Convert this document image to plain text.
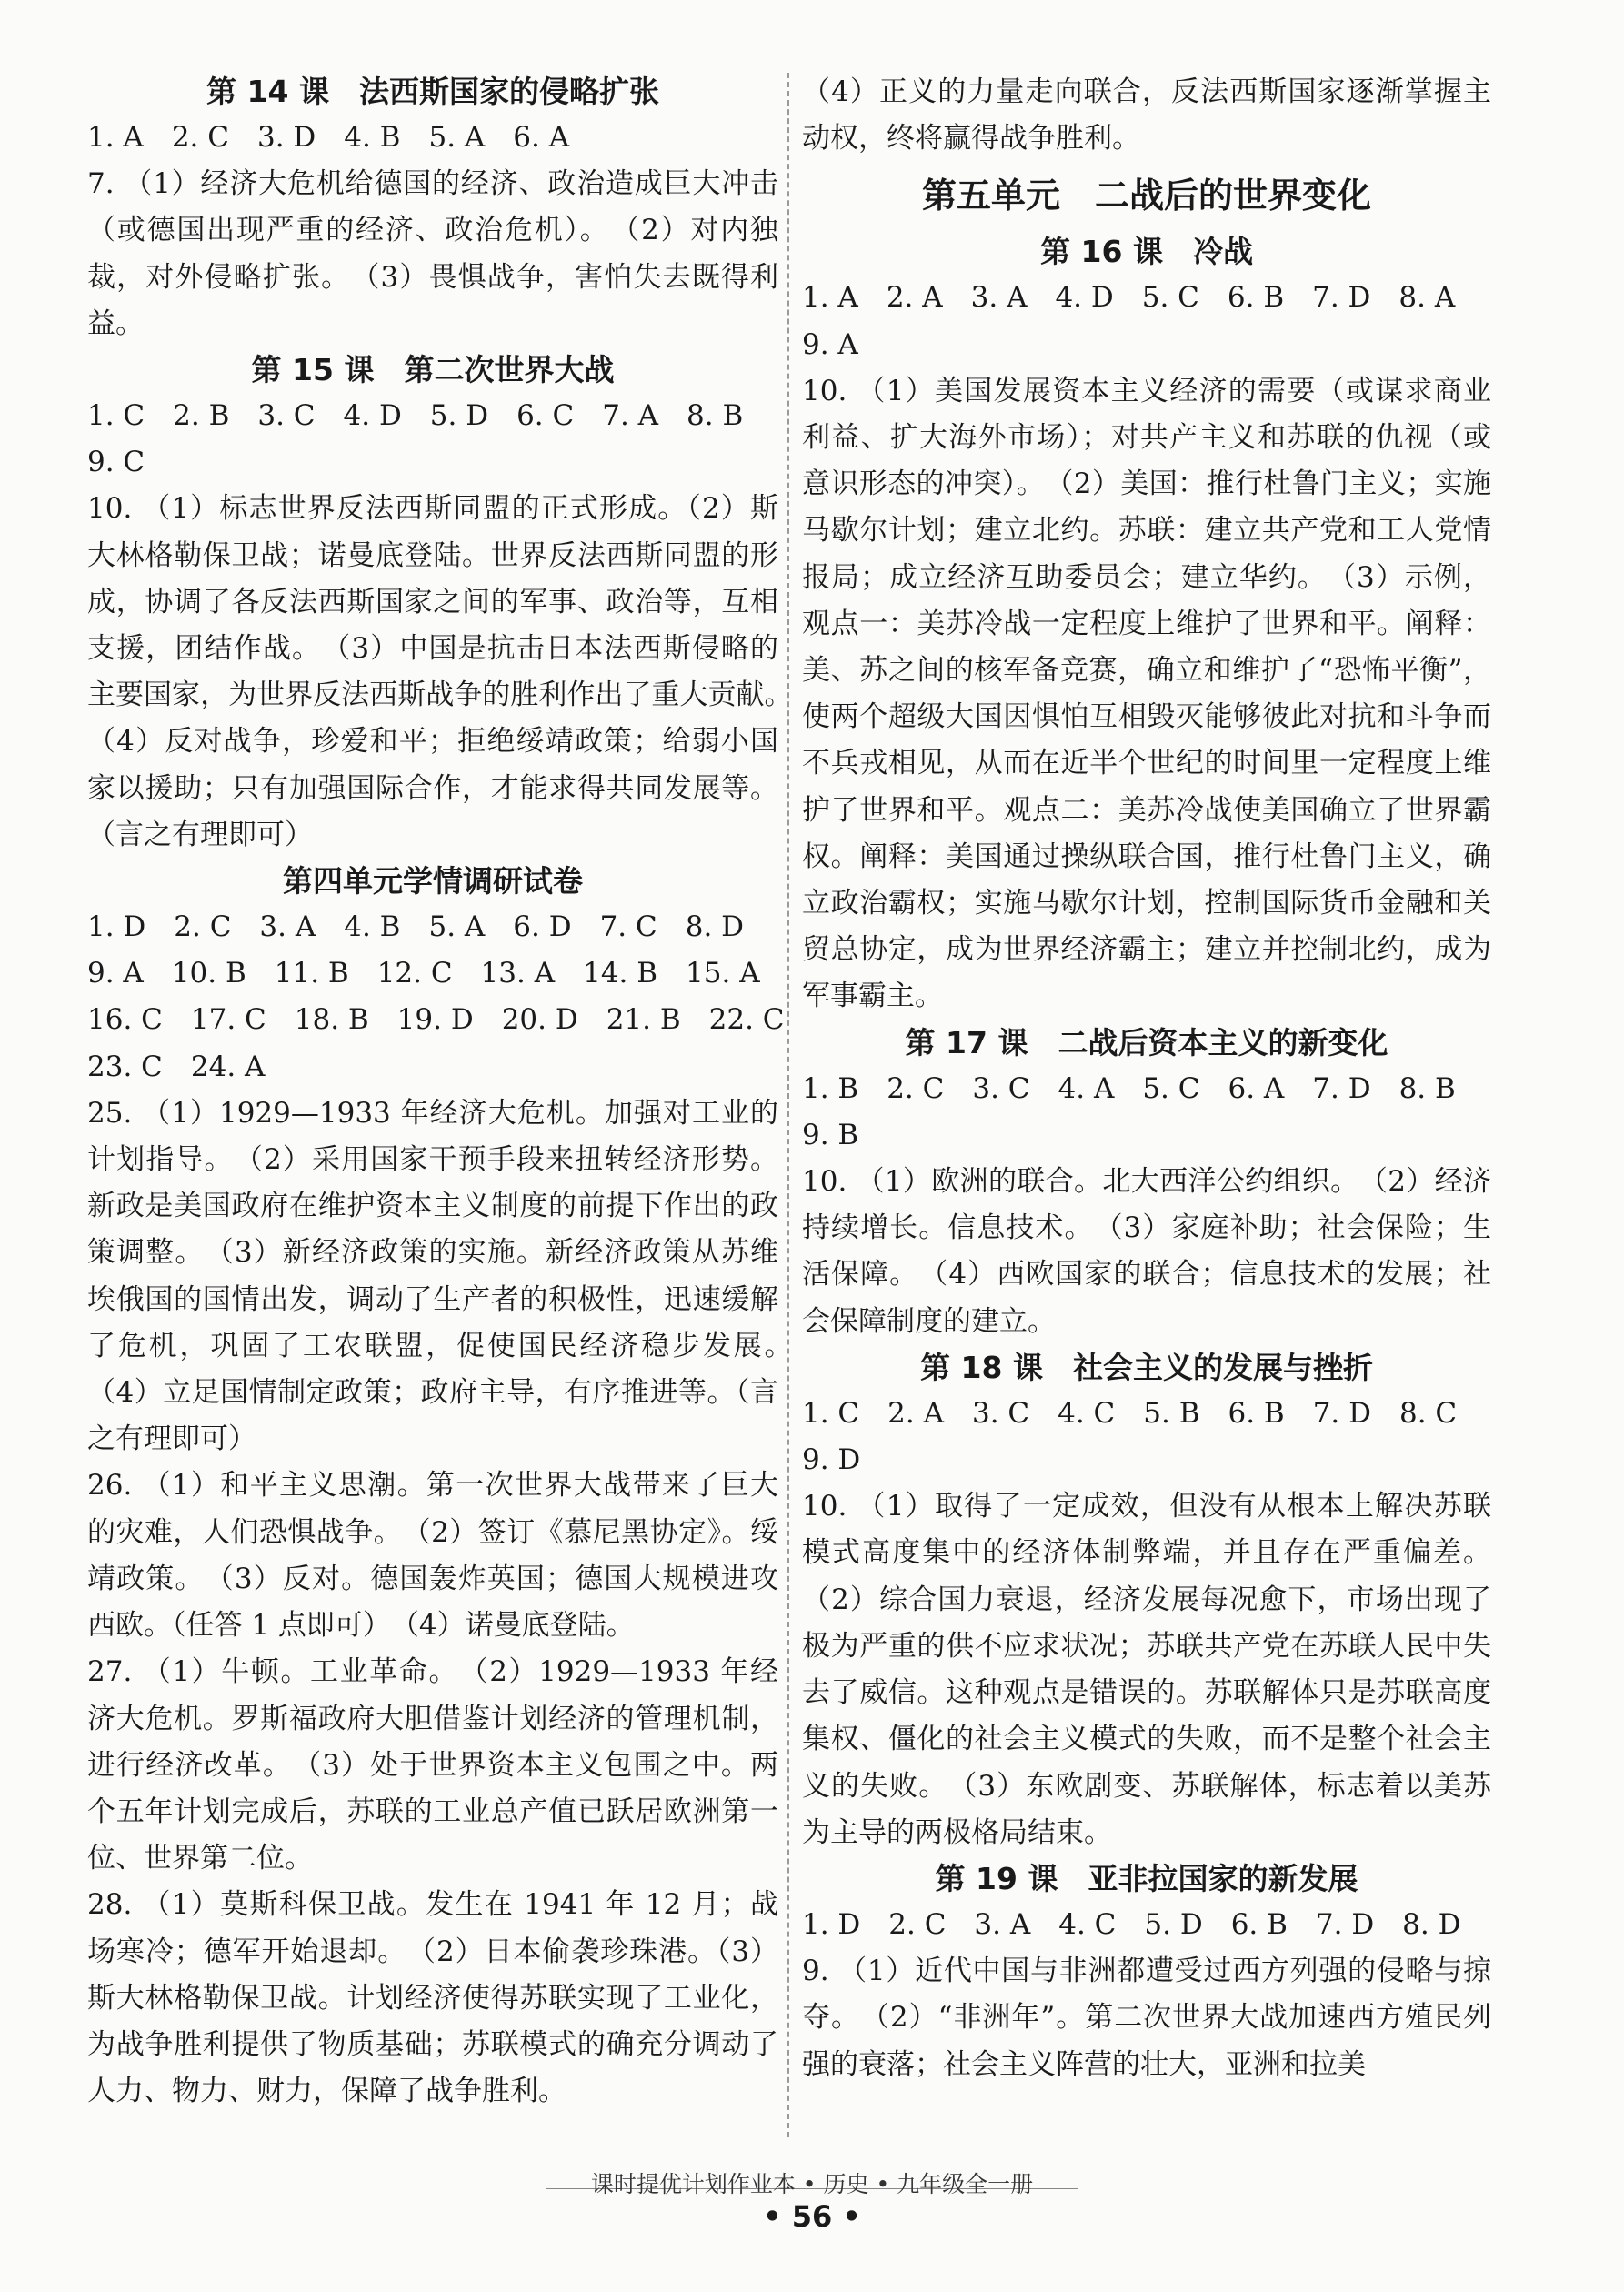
第 14 课　法西斯国家的侵略扩张

1. A　2. C　3. D　4. B　5. A　6. A

7. （1）经济大危机给德国的经济、政治造成巨大冲击（或德国出现严重的经济、政治危机）。　（2）对内独裁，对外侵略扩张。　（3）畏惧战争，害怕失去既得利益。

第 15 课　第二次世界大战

1. C　2. B　3. C　4. D　5. D　6. C　7. A　8. B

9. C

10. （1）标志世界反法西斯同盟的正式形成。（2）斯大林格勒保卫战；诺曼底登陆。世界反法西斯同盟的形成，协调了各反法西斯国家之间的军事、政治等，互相支援，团结作战。　（3）中国是抗击日本法西斯侵略的主要国家，为世界反法西斯战争的胜利作出了重大贡献。　（4）反对战争，珍爱和平；拒绝绥靖政策；给弱小国家以援助；只有加强国际合作，才能求得共同发展等。（言之有理即可）

第四单元学情调研试卷

1. D　2. C　3. A　4. B　5. A　6. D　7. C　8. D

9. A　10. B　11. B　12. C　13. A　14. B　15. A

16. C　17. C　18. B　19. D　20. D　21. B　22. C

23. C　24. A

25. （1）1929—1933 年经济大危机。加强对工业的计划指导。　（2）采用国家干预手段来扭转经济形势。新政是美国政府在维护资本主义制度的前提下作出的政策调整。　（3）新经济政策的实施。新经济政策从苏维埃俄国的国情出发，调动了生产者的积极性，迅速缓解了危机，巩固了工农联盟，促使国民经济稳步发展。　（4）立足国情制定政策；政府主导，有序推进等。（言之有理即可）

26. （1）和平主义思潮。第一次世界大战带来了巨大的灾难，人们恐惧战争。　（2）签订《慕尼黑协定》。绥靖政策。　（3）反对。德国轰炸英国；德国大规模进攻西欧。（任答 1 点即可）　（4）诺曼底登陆。

27. （1）牛顿。工业革命。　（2）1929—1933 年经济大危机。罗斯福政府大胆借鉴计划经济的管理机制，进行经济改革。　（3）处于世界资本主义包围之中。两个五年计划完成后，苏联的工业总产值已跃居欧洲第一位、世界第二位。

28. （1）莫斯科保卫战。发生在 1941 年 12 月；战场寒冷；德军开始退却。　（2）日本偷袭珍珠港。（3）斯大林格勒保卫战。计划经济使得苏联实现了工业化，为战争胜利提供了物质基础；苏联模式的确充分调动了人力、物力、财力，保障了战争胜利。

（4）正义的力量走向联合，反法西斯国家逐渐掌握主动权，终将赢得战争胜利。

第五单元　二战后的世界变化
第 16 课　冷战

1. A　2. A　3. A　4. D　5. C　6. B　7. D　8. A

9. A

10. （1）美国发展资本主义经济的需要（或谋求商业利益、扩大海外市场）；对共产主义和苏联的仇视（或意识形态的冲突）。　（2）美国：推行杜鲁门主义；实施马歇尔计划；建立北约。苏联：建立共产党和工人党情报局；成立经济互助委员会；建立华约。　（3）示例，观点一：美苏冷战一定程度上维护了世界和平。阐释：美、苏之间的核军备竞赛，确立和维护了“恐怖平衡”，使两个超级大国因惧怕互相毁灭能够彼此对抗和斗争而不兵戎相见，从而在近半个世纪的时间里一定程度上维护了世界和平。观点二：美苏冷战使美国确立了世界霸权。阐释：美国通过操纵联合国，推行杜鲁门主义，确立政治霸权；实施马歇尔计划，控制国际货币金融和关贸总协定，成为世界经济霸主；建立并控制北约，成为军事霸主。

第 17 课　二战后资本主义的新变化

1. B　2. C　3. C　4. A　5. C　6. A　7. D　8. B

9. B

10. （1）欧洲的联合。北大西洋公约组织。　（2）经济持续增长。信息技术。　（3）家庭补助；社会保险；生活保障。　（4）西欧国家的联合；信息技术的发展；社会保障制度的建立。

第 18 课　社会主义的发展与挫折

1. C　2. A　3. C　4. C　5. B　6. B　7. D　8. C

9. D

10. （1）取得了一定成效，但没有从根本上解决苏联模式高度集中的经济体制弊端，并且存在严重偏差。（2）综合国力衰退，经济发展每况愈下，市场出现了极为严重的供不应求状况；苏联共产党在苏联人民中失去了威信。这种观点是错误的。苏联解体只是苏联高度集权、僵化的社会主义模式的失败，而不是整个社会主义的失败。　（3）东欧剧变、苏联解体，标志着以美苏为主导的两极格局结束。

第 19 课　亚非拉国家的新发展

1. D　2. C　3. A　4. C　5. D　6. B　7. D　8. D

9. （1）近代中国与非洲都遭受过西方列强的侵略与掠夺。　（2）“非洲年”。第二次世界大战加速西方殖民列强的衰落；社会主义阵营的壮大，亚洲和拉美

课时提优计划作业本 • 历史 • 九年级全一册
• 56 •
